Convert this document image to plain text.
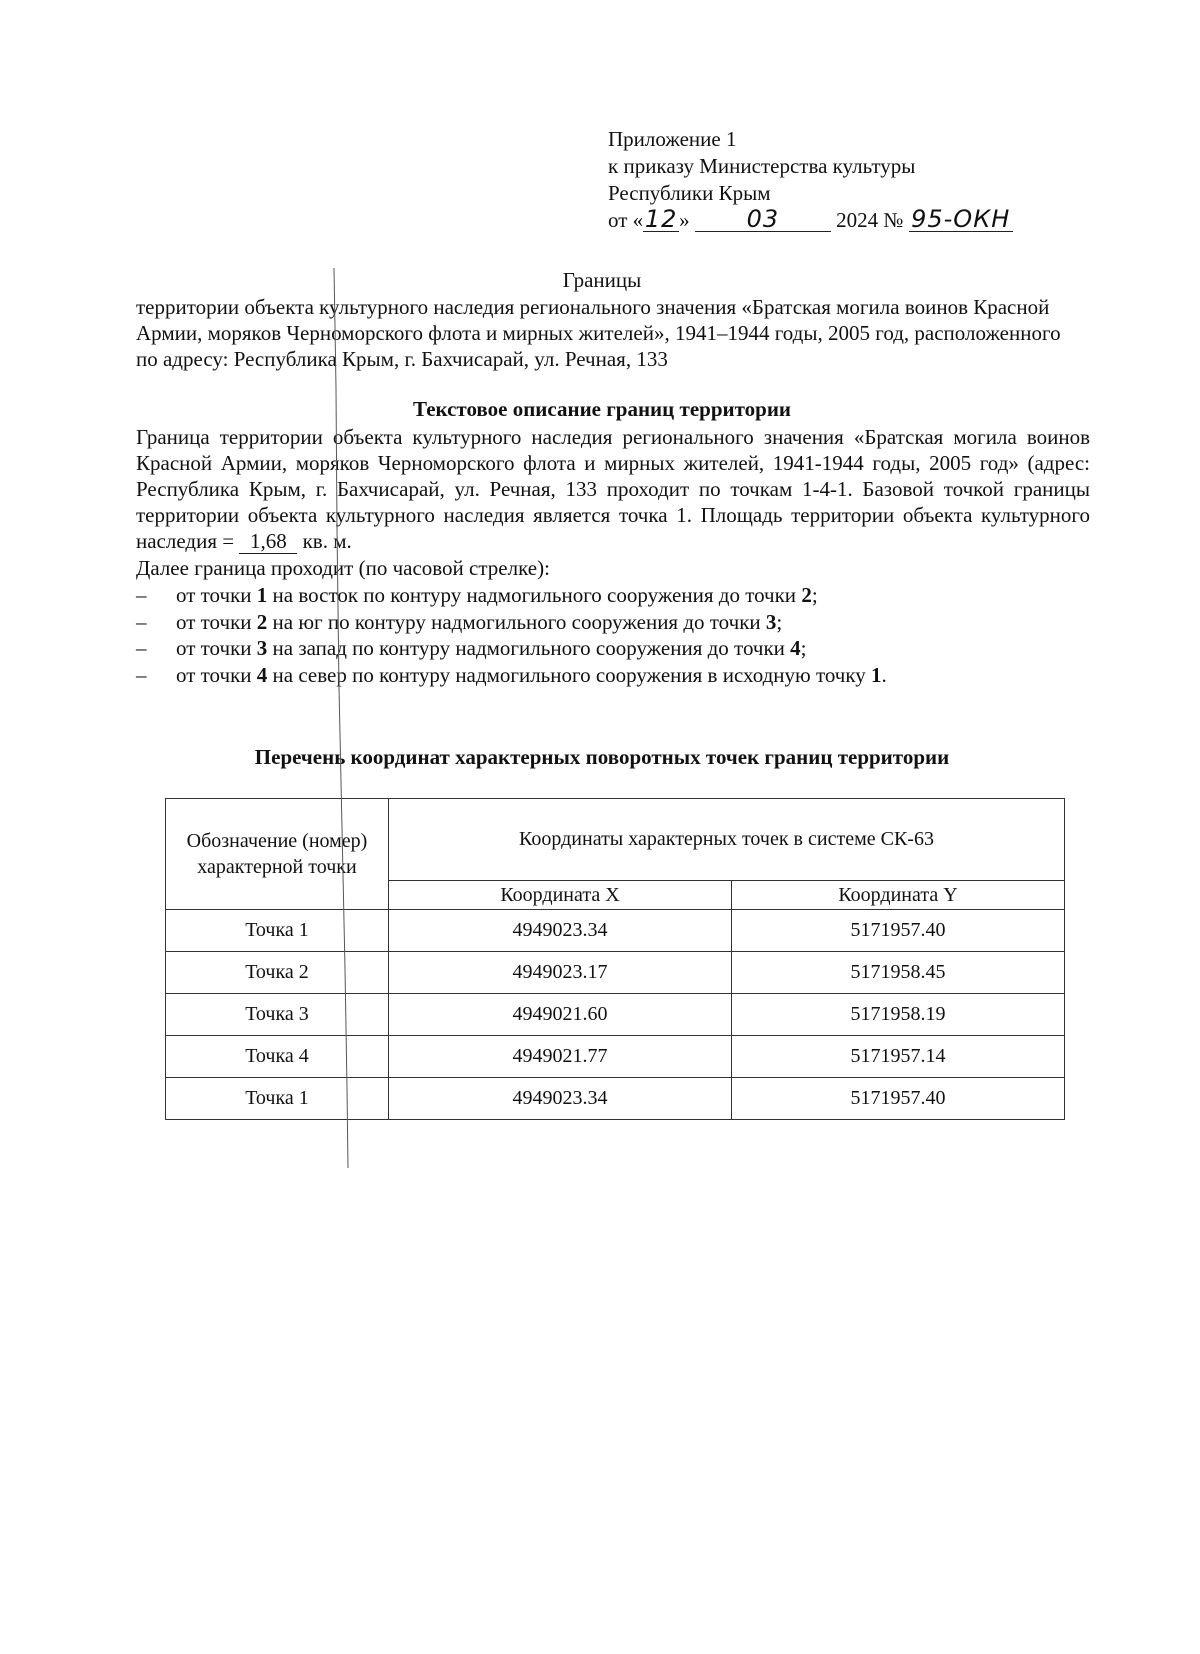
Приложение 1
к приказу Министерства культуры
Республики Крым
от «12» 03	2024 № 95-ОКН
Границы
территории объекта культурного наследия регионального значения «Братская могила воинов Красной Армии, моряков Черноморского флота и мирных жителей», 1941–1944 годы, 2005 год, расположенного по адресу: Республика Крым, г. Бахчисарай, ул. Речная, 133
Текстовое описание границ территории
Граница территории объекта культурного наследия регионального значения «Братская могила воинов Красной Армии, моряков Черноморского флота и мирных жителей, 1941-1944 годы, 2005 год» (адрес: Республика Крым, г. Бахчисарай, ул. Речная, 133 проходит по точкам 1-4-1. Базовой точкой границы территории объекта культурного наследия является точка 1. Площадь территории объекта культурного наследия = 1,68 кв. м.
Далее граница проходит (по часовой стрелке):
– от точки 1 на восток по контуру надмогильного сооружения до точки 2;
– от точки 2 на юг по контуру надмогильного сооружения до точки 3;
– от точки 3 на запад по контуру надмогильного сооружения до точки 4;
– от точки 4 на север по контуру надмогильного сооружения в исходную точку 1.
Перечень координат характерных поворотных точек границ территории
Обозначение (номер) характерной точки	Координаты характерных точек в системе СК-63	
	Координата X	Координата Y
Точка 1	4949023.34	5171957.40
Точка 2	4949023.17	5171958.45
Точка 3	4949021.60	5171958.19
Точка 4	4949021.77	5171957.14
Точка 1	4949023.34	5171957.40
